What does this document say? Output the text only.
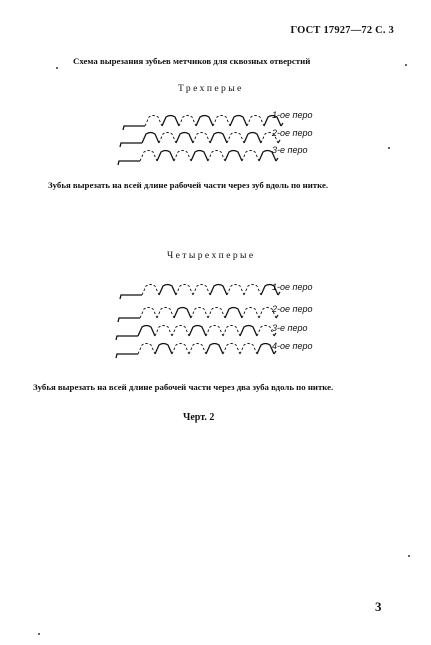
ГОСТ 17927—72 С. 3
Схема вырезания зубьев метчиков для сквозных отверстий
Трехперые
1-ое перо
2-ое перо
3-е перо
Зубья вырезать на всей длине рабочей части через зуб вдоль по нитке.
Четырехперые
1-ое перо
2-ое перо
3-е перо
4-ое перо
Зубья вырезать на всей длине рабочей части через два зуба вдоль по нитке.
Черт. 2
3
